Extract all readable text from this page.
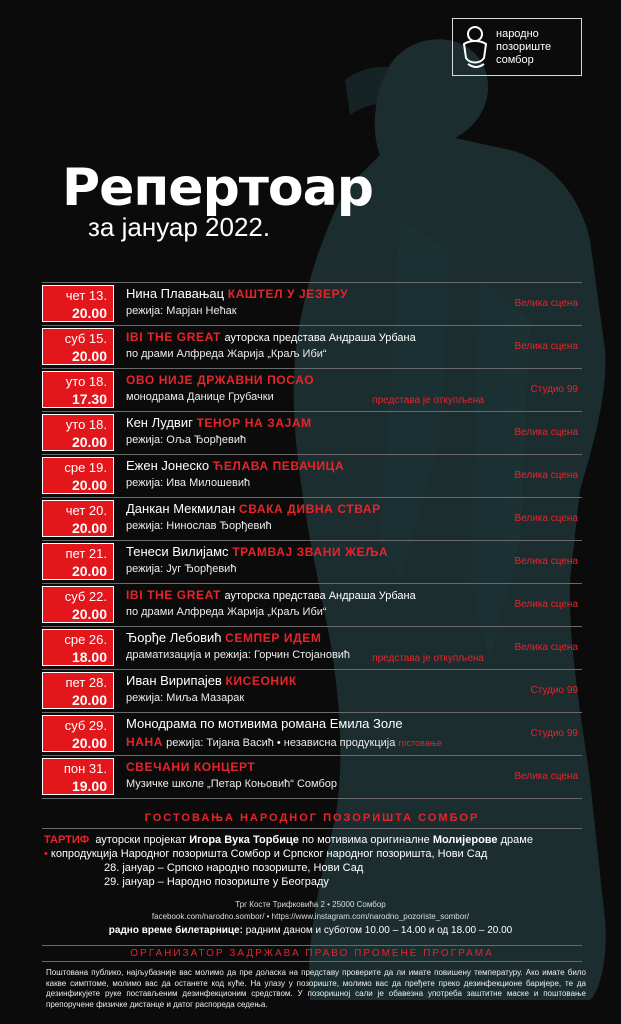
народно
позориште
сомбор
Репертоар
за јануар 2022.
чет 13.
20.00
Нина Плавањац КАШТЕЛ У ЈЕЗЕРУ
режија: Марјан Нећак
Велика сцена
суб 15.
20.00
IBI THE GREAT ауторска представа Андраша Урбана
по драми Алфреда Жарија „Краљ Иби“
Велика сцена
уто 18.
17.30
ОВО НИЈЕ ДРЖАВНИ ПОСАО
монодрама Данице Грубачки	представа је откупљена
Студио 99
уто 18.
20.00
Кен Лудвиг ТЕНОР НА ЗАЈАМ
режија: Оља Ђорђевић
Велика сцена
сре 19.
20.00
Ежен Јонеско ЋЕЛАВА ПЕВАЧИЦА
режија: Ива Милошевић
Велика сцена
чет 20.
20.00
Данкан Мекмилан СВАКА ДИВНА СТВАР
режија: Нинослав Ђорђевић
Велика сцена
пет 21.
20.00
Тенеси Вилијамс ТРАМВАЈ ЗВАНИ ЖЕЉА
режија: Југ Ђорђевић
Велика сцена
суб 22.
20.00
IBI THE GREAT ауторска представа Андраша Урбана
по драми Алфреда Жарија „Краљ Иби“
Велика сцена
сре 26.
18.00
Ђорђе Лебовић СЕМПЕР ИДЕМ
драматизација и режија: Горчин Стојановић представа је откупљена
Велика сцена
пет 28.
20.00
Иван Вирипајев КИСЕОНИК
режија: Миља Мазарак
Студио 99
суб 29.
20.00
Монодрама по мотивима романа Емила Золе
НАНА режија: Тијана Васић • независна продукција гостовање
Студио 99
пон 31.
19.00
СВЕЧАНИ КОНЦЕРТ
Музичке школе „Петар Коњовић“ Сомбор
Велика сцена
ГОСТОВАЊА НАРОДНОГ ПОЗОРИШТА СОМБОР
ТАРТИФ ауторски пројекат Игора Вука Торбице по мотивима оригиналне Молијерове драме
• копродукција Народног позоришта Сомбор и Српског народног позоришта, Нови Сад
28. јануар – Српско народно позориште, Нови Сад
29. јануар – Народно позориште у Београду
Трг Косте Трифковића 2 • 25000 Сомбор
facebook.com/narodno.sombor/ • https://www.instagram.com/narodno_pozoriste_sombor/
радно време билетарнице: радним даном и суботом 10.00 – 14.00 и од 18.00 – 20.00
ОРГАНИЗАТОР ЗАДРЖАВА ПРАВО ПРОМЕНЕ ПРОГРАМА
Поштована публико, најљубазније вас молимо да пре доласка на представу проверите да ли имате повишену температуру. Ако имате било какве симптоме, молимо вас да останете код куће. На улазу у позориште, молимо вас да пређете преко дезинфекционе баријере, те да дезинфикујете руке постављеним дезинфекционим средством. У позоришној сали је обавезна употреба заштитне маске и поштовање препоручене физичке дистанце и датог распореда седења.
